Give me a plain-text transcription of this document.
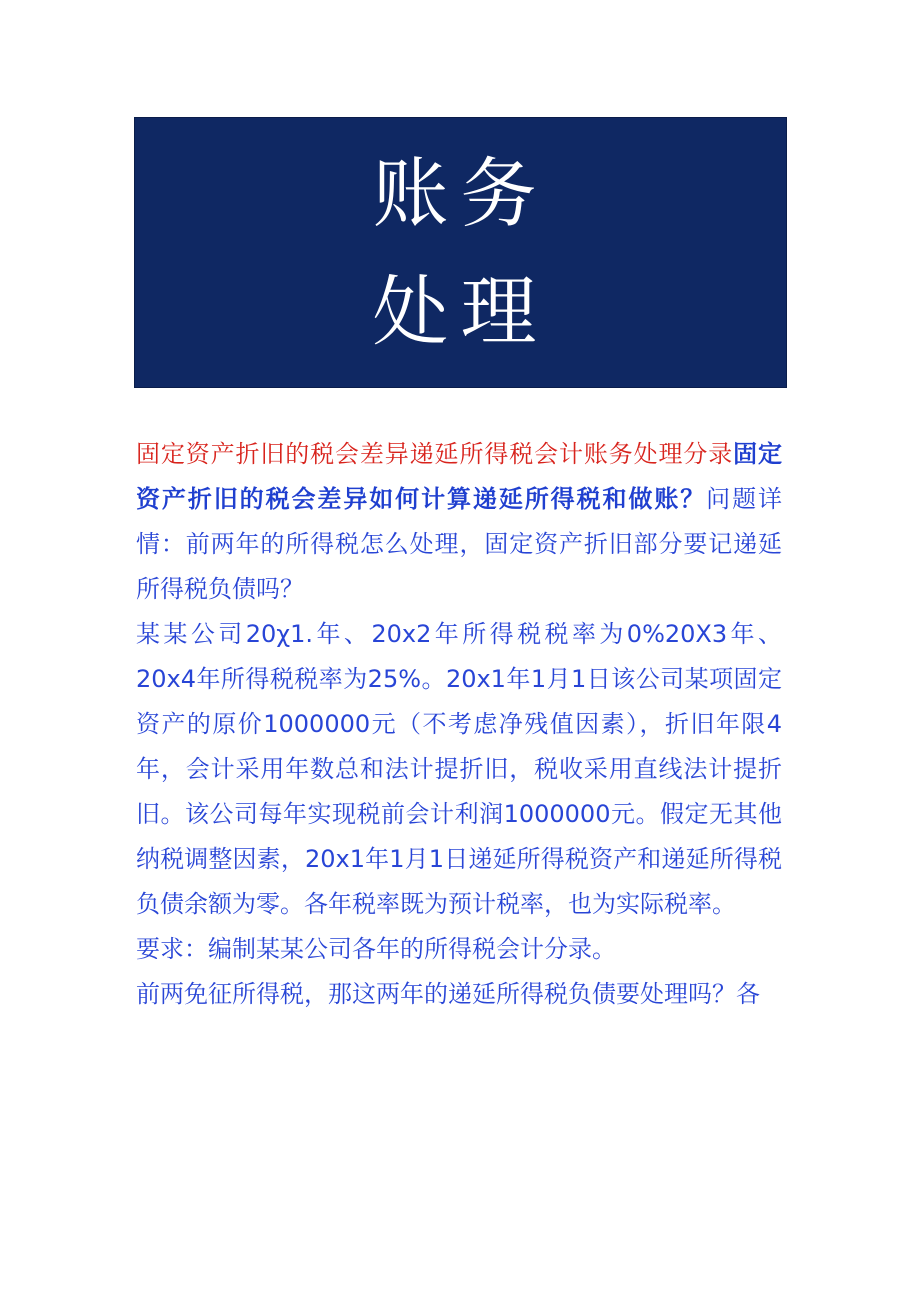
账务
处理

固定资产折旧的税会差异递延所得税会计账务处理分录固定资产折旧的税会差异如何计算递延所得税和做账？问题详情：前两年的所得税怎么处理，固定资产折旧部分要记递延所得税负债吗？

某某公司20χ1.年、20x2年所得税税率为0%20X3年、20x4年所得税税率为25%。20x1年1月1日该公司某项固定资产的原价1000000元（不考虑净残值因素），折旧年限4年，会计采用年数总和法计提折旧，税收采用直线法计提折旧。该公司每年实现税前会计利润1000000元。假定无其他纳税调整因素，20x1年1月1日递延所得税资产和递延所得税负债余额为零。各年税率既为预计税率，也为实际税率。

要求：编制某某公司各年的所得税会计分录。

前两免征所得税，那这两年的递延所得税负债要处理吗？各
